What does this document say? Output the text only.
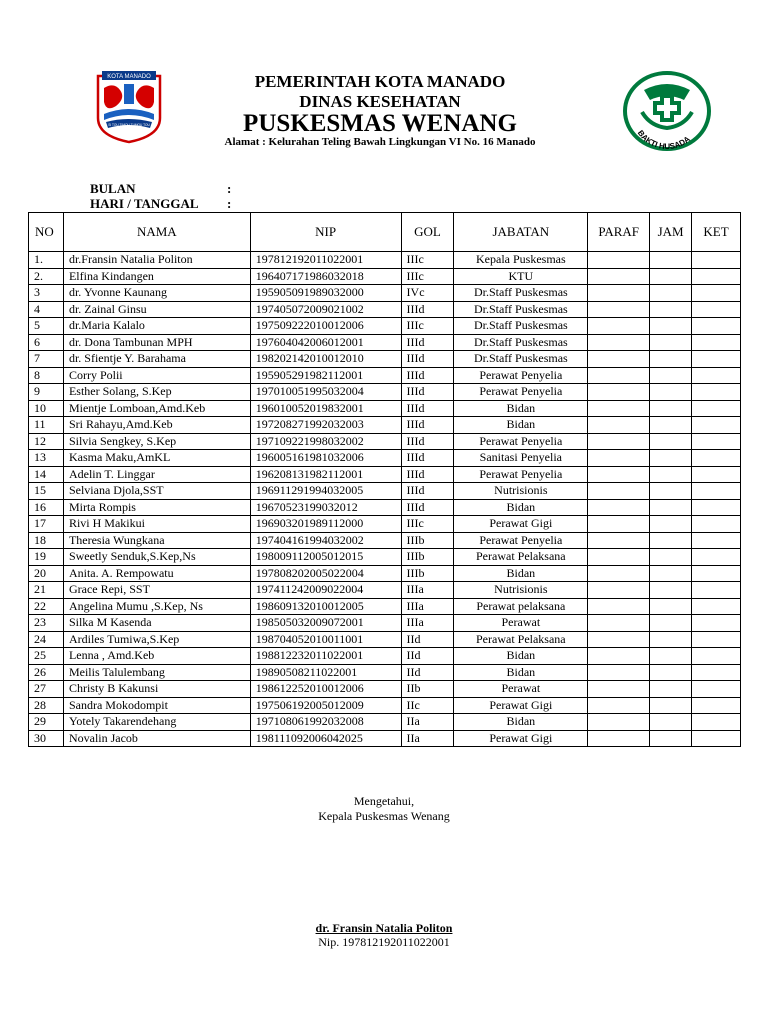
KOTA MANADO
SI TOU TIMOU TUMOU TOU
BAKTI HUSADA
PEMERINTAH KOTA MANADO
DINAS KESEHATAN
PUSKESMAS WENANG
Alamat : Kelurahan Teling Bawah Lingkungan VI No. 16 Manado
BULAN	:
HARI / TANGGAL :
NO	NAMA	NIP	GOL	JABATAN	PARAF	JAM	KET
1.	dr.Fransin Natalia Politon	197812192011022001	IIIc	Kepala Puskesmas			
2.	Elfina Kindangen	196407171986032018	IIIc	KTU			
3	dr. Yvonne Kaunang	195905091989032000	IVc	Dr.Staff Puskesmas			
4	dr. Zainal Ginsu	197405072009021002	IIId	Dr.Staff Puskesmas			
5	dr.Maria Kalalo	197509222010012006	IIIc	Dr.Staff Puskesmas			
6	dr. Dona Tambunan MPH	197604042006012001	IIId	Dr.Staff Puskesmas			
7	dr. Sfientje Y. Barahama	198202142010012010	IIId	Dr.Staff Puskesmas			
8	Corry Polii	195905291982112001	IIId	Perawat Penyelia			
9	Esther Solang, S.Kep	197010051995032004	IIId	Perawat Penyelia			
10	Mientje Lomboan,Amd.Keb	196010052019832001	IIId	Bidan			
11	Sri Rahayu,Amd.Keb	197208271992032003	IIId	Bidan			
12	Silvia Sengkey, S.Kep	197109221998032002	IIId	Perawat Penyelia			
13	Kasma Maku,AmKL	196005161981032006	IIId	Sanitasi Penyelia			
14	Adelin T. Linggar	196208131982112001	IIId	Perawat Penyelia			
15	Selviana Djola,SST	196911291994032005	IIId	Nutrisionis			
16	Mirta Rompis	19670523199032012	IIId	Bidan			
17	Rivi H Makikui	196903201989112000	IIIc	Perawat Gigi			
18	Theresia Wungkana	197404161994032002	IIIb	Perawat Penyelia			
19	Sweetly Senduk,S.Kep,Ns	198009112005012015	IIIb	Perawat Pelaksana			
20	Anita. A. Rempowatu	197808202005022004	IIIb	Bidan			
21	Grace Repi, SST	197411242009022004	IIIa	Nutrisionis			
22	Angelina Mumu ,S.Kep, Ns	198609132010012005	IIIa	Perawat pelaksana			
23	Silka M Kasenda	198505032009072001	IIIa	Perawat			
24	Ardiles Tumiwa,S.Kep	198704052010011001	IId	Perawat Pelaksana			
25	Lenna , Amd.Keb	198812232011022001	IId	Bidan			
26	Meilis Talulembang	19890508211022001	IId	Bidan			
27	Christy B Kakunsi	198612252010012006	IIb	Perawat			
28	Sandra Mokodompit	197506192005012009	IIc	Perawat Gigi			
29	Yotely Takarendehang	197108061992032008	IIa	Bidan			
30	Novalin Jacob	198111092006042025	IIa	Perawat Gigi			
Mengetahui,
Kepala Puskesmas Wenang
dr. Fransin Natalia Politon
Nip. 197812192011022001
